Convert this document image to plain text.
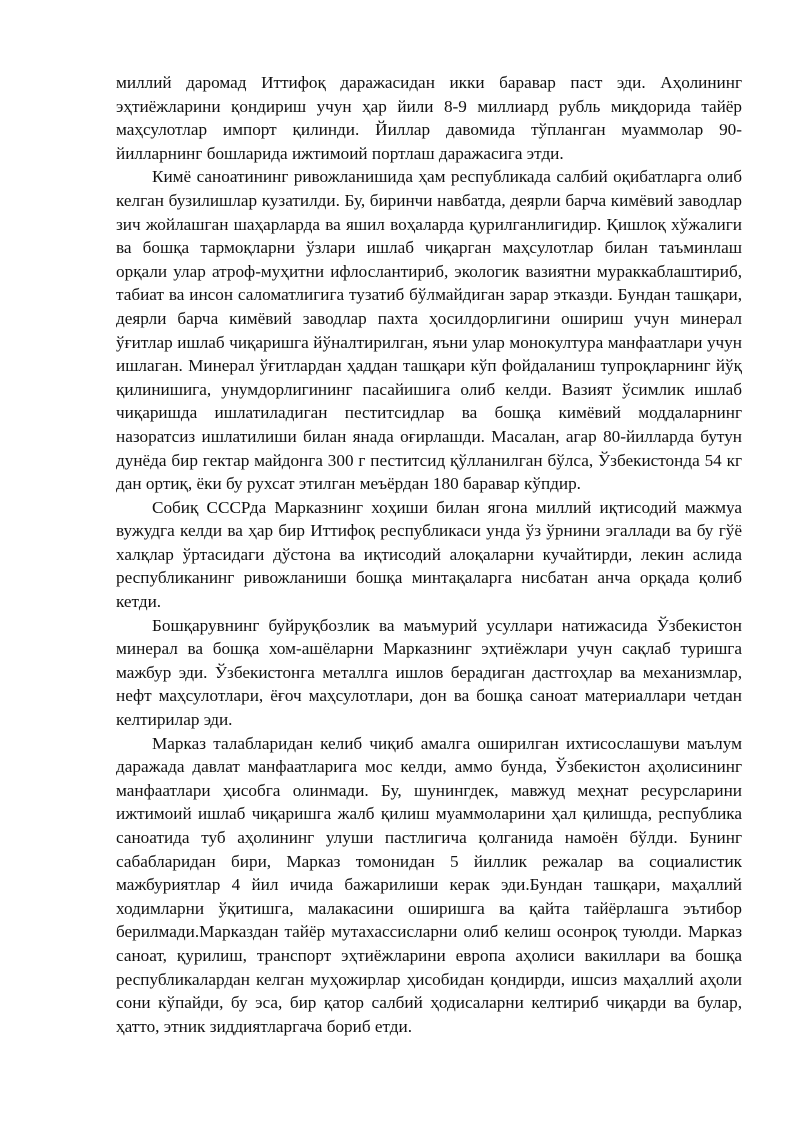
миллий даромад Иттифоқ даражасидан икки баравар паст эди. Аҳолининг эҳтиёжларини қондириш учун ҳар йили 8-9 миллиард рубль миқдорида тайёр маҳсулотлар импорт қилинди. Йиллар давомида тўпланган муаммолар 90-йилларнинг бошларида ижтимоий портлаш даражасига этди.

Кимё саноатининг ривожланишида ҳам республикада салбий оқибатларга олиб келган бузилишлар кузатилди. Бу, биринчи навбатда, деярли барча кимёвий заводлар зич жойлашган шаҳарларда ва яшил воҳаларда қурилганлигидир. Қишлоқ хўжалиги ва бошқа тармоқларни ўзлари ишлаб чиқарган маҳсулотлар билан таъминлаш орқали улар атроф-муҳитни ифлослантириб, экологик вазиятни мураккаблаштириб, табиат ва инсон саломатлигига тузатиб бўлмайдиган зарар этказди. Бундан ташқари, деярли барча кимёвий заводлар пахта ҳосилдорлигини ошириш учун минерал ўғитлар ишлаб чиқаришга йўналтирилган, яъни улар монокултура манфаатлари учун ишлаган. Минерал ўғитлардан ҳаддан ташқари кўп фойдаланиш тупроқларнинг йўқ қилинишига, унумдорлигининг пасайишига олиб келди. Вазият ўсимлик ишлаб чиқаришда ишлатиладиган пеститсидлар ва бошқа кимёвий моддаларнинг назоратсиз ишлатилиши билан янада оғирлашди. Масалан, агар 80-йилларда бутун дунёда бир гектар майдонга 300 г пеститсид қўлланилган бўлса, Ўзбекистонда 54 кг дан ортиқ, ёки бу рухсат этилган меъёрдан 180 баравар кўпдир.

Собиқ СССРда Марказнинг хоҳиши билан ягона миллий иқтисодий мажмуа вужудга келди ва ҳар бир Иттифоқ республикаси унда ўз ўрнини эгаллади ва бу гўё халқлар ўртасидаги дўстона ва иқтисодий алоқаларни кучайтирди, лекин аслида республиканинг ривожланиши бошқа минтақаларга нисбатан анча орқада қолиб кетди.

Бошқарувнинг буйруқбозлик ва маъмурий усуллари натижасида Ўзбекистон минерал ва бошқа хом-ашёларни Марказнинг эҳтиёжлари учун сақлаб туришга мажбур эди. Ўзбекистонга металлга ишлов берадиган дастгоҳлар ва механизмлар, нефт маҳсулотлари, ёғоч маҳсулотлари, дон ва бошқа саноат материаллари четдан келтирилар эди.

Марказ талабларидан келиб чиқиб амалга оширилган ихтисослашуви маълум даражада давлат манфаатларига мос келди, аммо бунда, Ўзбекистон аҳолисининг манфаатлари ҳисобга олинмади. Бу, шунингдек, мавжуд меҳнат ресурсларини ижтимоий ишлаб чиқаришга жалб қилиш муаммоларини ҳал қилишда, республика саноатида туб аҳолининг улуши пастлигича қолганида намоён бўлди. Бунинг сабабларидан бири, Марказ томонидан 5 йиллик режалар ва социалистик мажбуриятлар 4 йил ичида бажарилиши керак эди.Бундан ташқари, маҳаллий ходимларни ўқитишга, малакасини оширишга ва қайта тайёрлашга эътибор берилмади.Марказдан тайёр мутахассисларни олиб келиш осонроқ туюлди. Марказ саноат, қурилиш, транспорт эҳтиёжларини европа аҳолиси вакиллари ва бошқа республикалардан келган муҳожирлар ҳисобидан қондирди, ишсиз маҳаллий аҳоли сони кўпайди, бу эса, бир қатор салбий ҳодисаларни келтириб чиқарди ва булар, ҳатто, этник зиддиятларгача бориб етди.
